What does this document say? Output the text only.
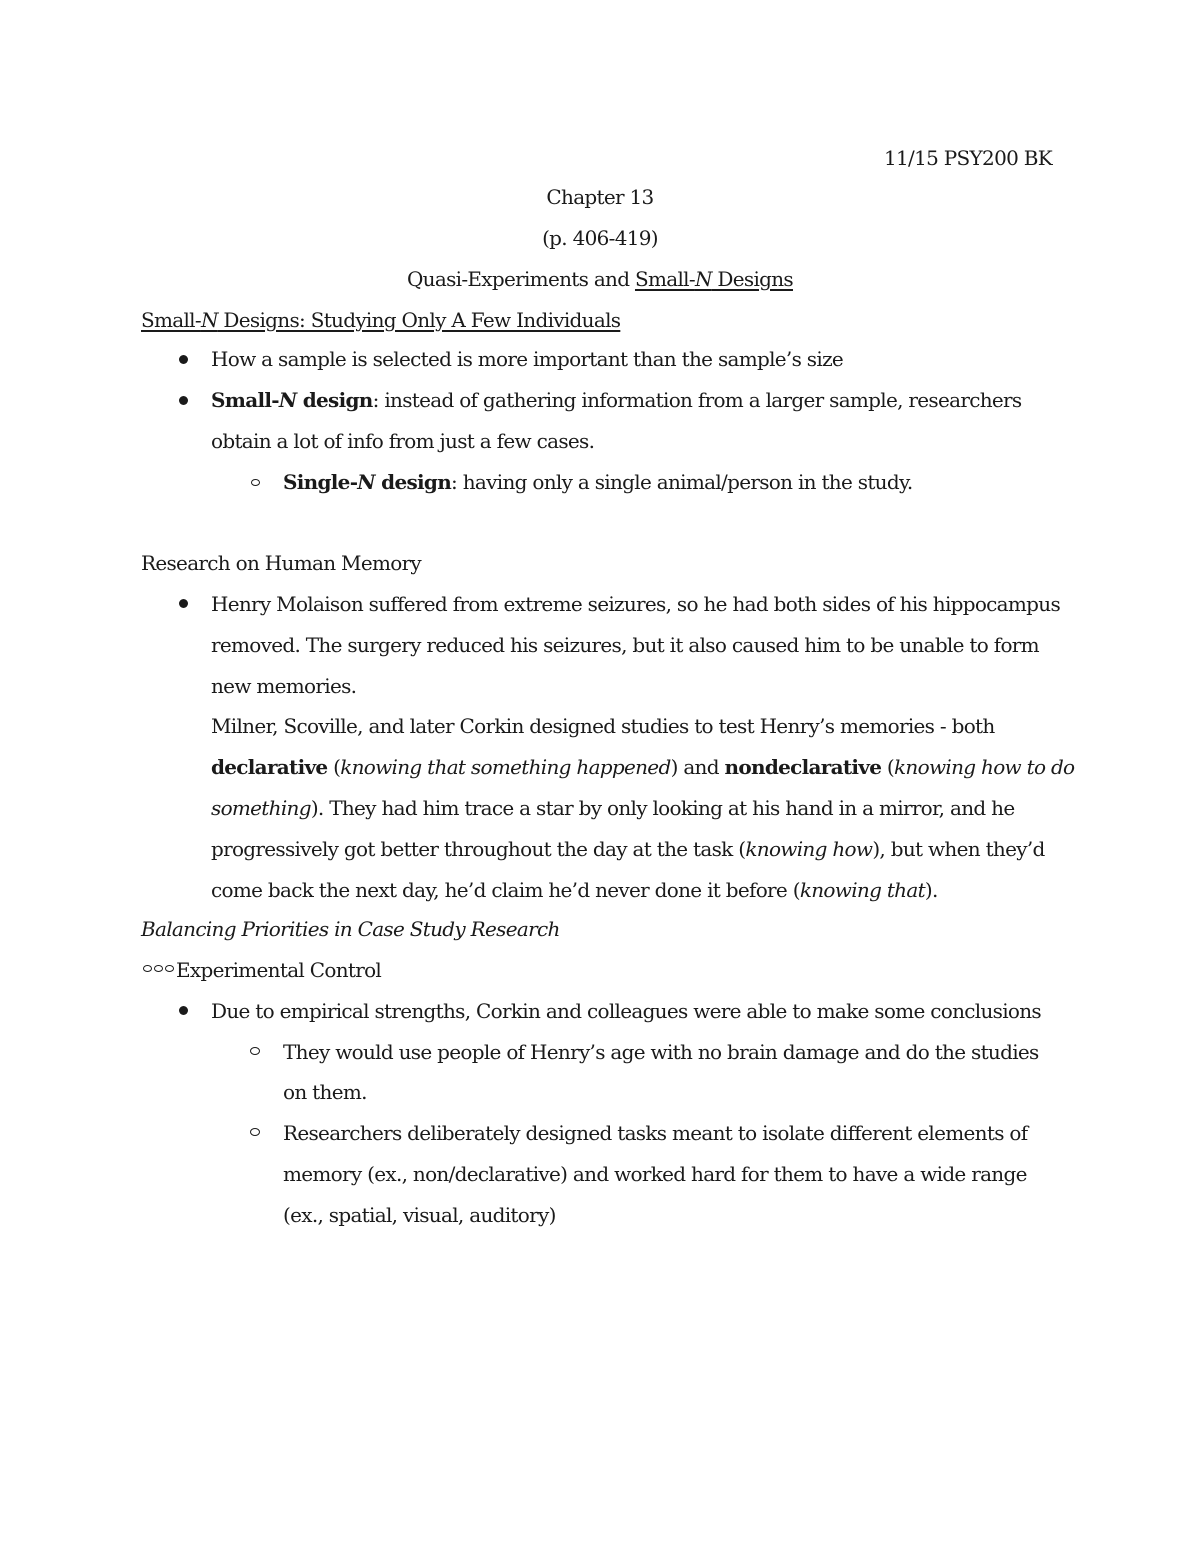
11/15 PSY200 BK
Chapter 13
(p. 406-419)
Quasi-Experiments and Small-N Designs
Small-N Designs: Studying Only A Few Individuals
How a sample is selected is more important than the sample’s size
Small-N design: instead of gathering information from a larger sample, researchers
obtain a lot of info from just a few cases.
Single-N design: having only a single animal/person in the study.
Research on Human Memory
Henry Molaison suffered from extreme seizures, so he had both sides of his hippocampus
removed. The surgery reduced his seizures, but it also caused him to be unable to form
new memories.
Milner, Scoville, and later Corkin designed studies to test Henry’s memories - both
declarative (knowing that something happened) and nondeclarative (knowing how to do
something). They had him trace a star by only looking at his hand in a mirror, and he
progressively got better throughout the day at the task (knowing how), but when they’d
come back the next day, he’d claim he’d never done it before (knowing that).
Balancing Priorities in Case Study Research
Experimental Control
Due to empirical strengths, Corkin and colleagues were able to make some conclusions
They would use people of Henry’s age with no brain damage and do the studies
on them.
Researchers deliberately designed tasks meant to isolate different elements of
memory (ex., non/declarative) and worked hard for them to have a wide range
(ex., spatial, visual, auditory)
